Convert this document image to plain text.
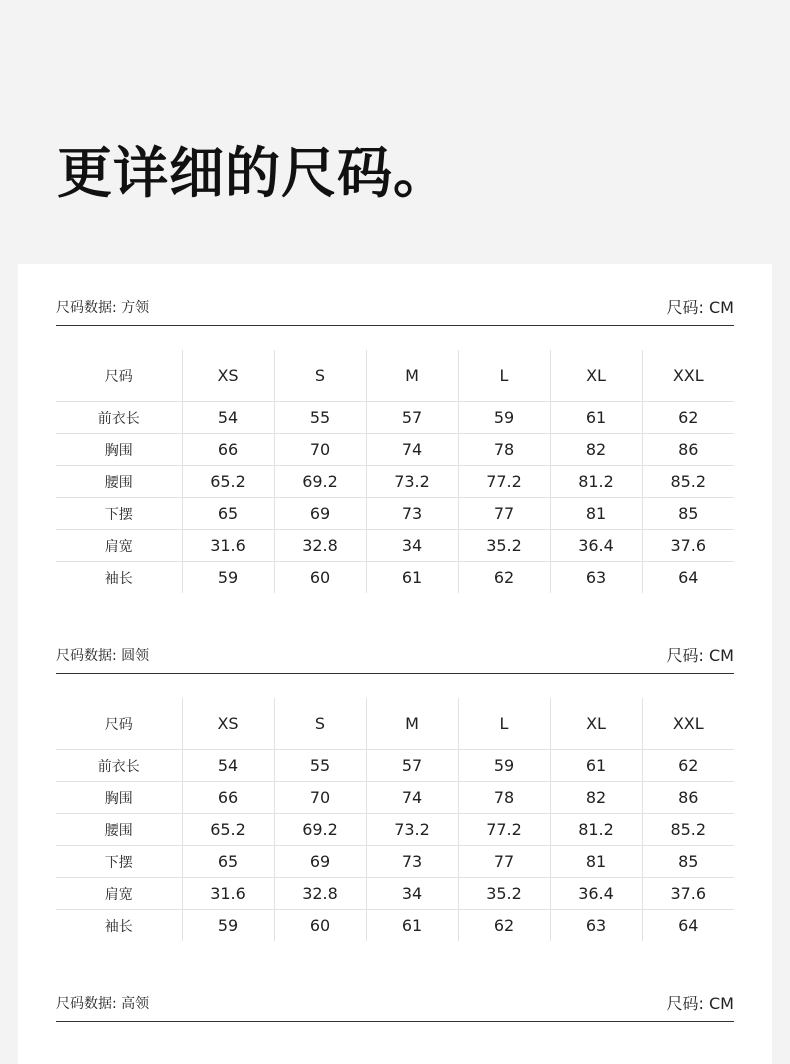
更详细的尺码。
尺码数据: 方领	尺码: CM
尺码	XS	S	M	L	XL	XXL
前衣长	54	55	57	59	61	62
胸围	66	70	74	78	82	86
腰围	65.2	69.2	73.2	77.2	81.2	85.2
下摆	65	69	73	77	81	85
肩宽	31.6	32.8	34	35.2	36.4	37.6
袖长	59	60	61	62	63	64
尺码数据: 圆领	尺码: CM
尺码	XS	S	M	L	XL	XXL
前衣长	54	55	57	59	61	62
胸围	66	70	74	78	82	86
腰围	65.2	69.2	73.2	77.2	81.2	85.2
下摆	65	69	73	77	81	85
肩宽	31.6	32.8	34	35.2	36.4	37.6
袖长	59	60	61	62	63	64
尺码数据: 高领	尺码: CM
